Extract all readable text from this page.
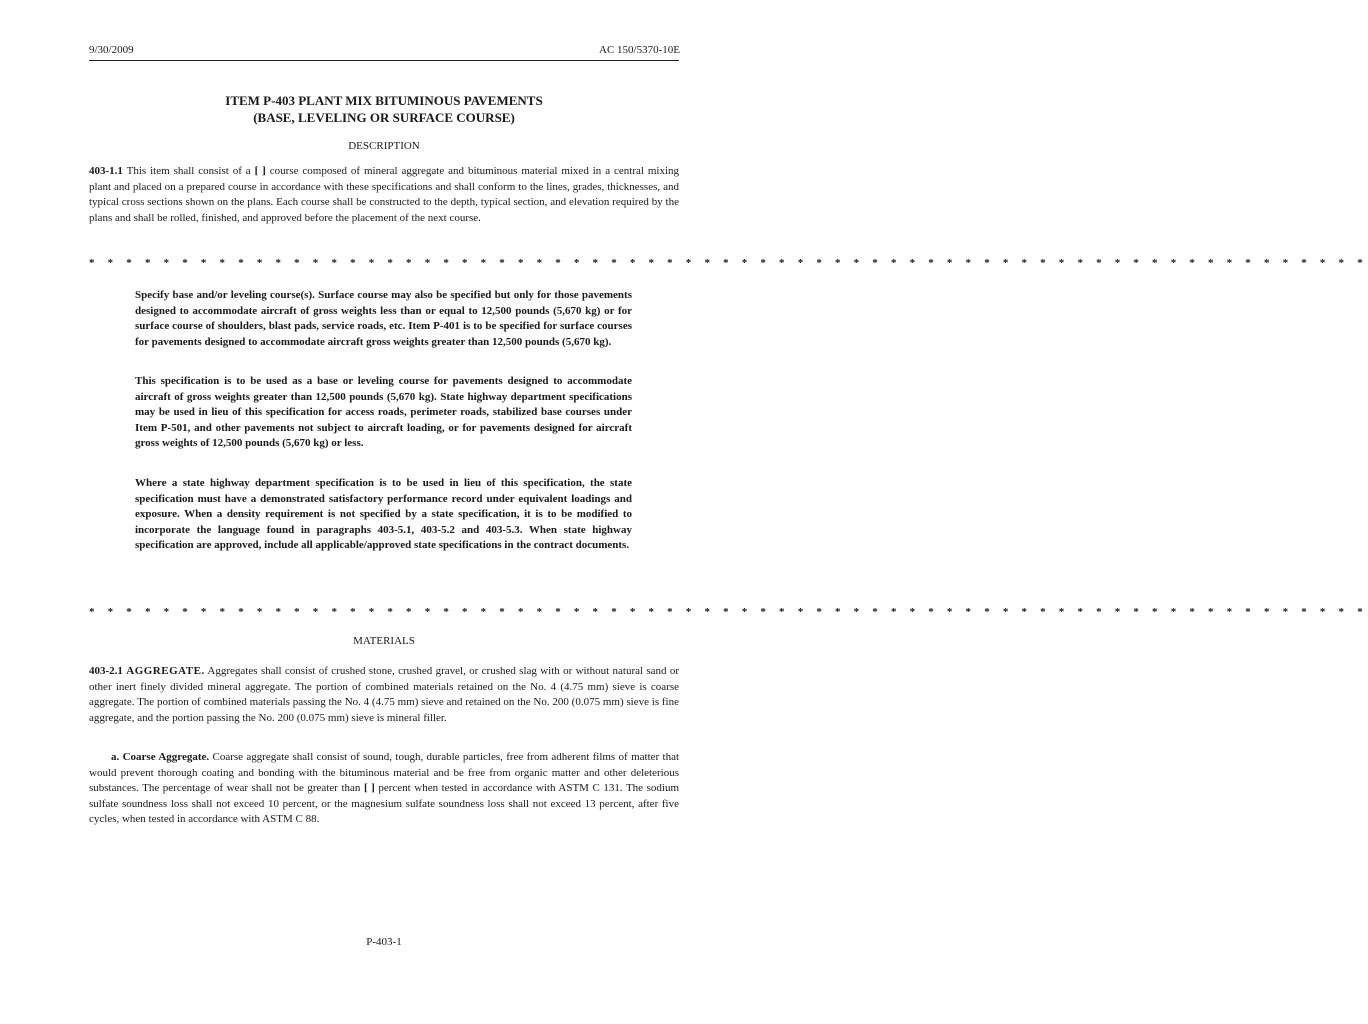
9/30/2009	AC 150/5370-10E
ITEM P-403 PLANT MIX BITUMINOUS PAVEMENTS
(BASE, LEVELING OR SURFACE COURSE)
DESCRIPTION
403-1.1 This item shall consist of a [ ] course composed of mineral aggregate and bituminous material mixed in a central mixing plant and placed on a prepared course in accordance with these specifications and shall conform to the lines, grades, thicknesses, and typical cross sections shown on the plans. Each course shall be constructed to the depth, typical section, and elevation required by the plans and shall be rolled, finished, and approved before the placement of the next course.
* * * * * * * * * * * * * * * * * * * * * * * * * * * * * * * * * * * * * * * * * * * * * * * * * * * * * * * * * * * * * * * * * * * * *
Specify base and/or leveling course(s). Surface course may also be specified but only for those pavements designed to accommodate aircraft of gross weights less than or equal to 12,500 pounds (5,670 kg) or for surface course of shoulders, blast pads, service roads, etc. Item P-401 is to be specified for surface courses for pavements designed to accommodate aircraft gross weights greater than 12,500 pounds (5,670 kg).
This specification is to be used as a base or leveling course for pavements designed to accommodate aircraft of gross weights greater than 12,500 pounds (5,670 kg). State highway department specifications may be used in lieu of this specification for access roads, perimeter roads, stabilized base courses under Item P-501, and other pavements not subject to aircraft loading, or for pavements designed for aircraft gross weights of 12,500 pounds (5,670 kg) or less.
Where a state highway department specification is to be used in lieu of this specification, the state specification must have a demonstrated satisfactory performance record under equivalent loadings and exposure. When a density requirement is not specified by a state specification, it is to be modified to incorporate the language found in paragraphs 403-5.1, 403-5.2 and 403-5.3. When state highway specification are approved, include all applicable/approved state specifications in the contract documents.
* * * * * * * * * * * * * * * * * * * * * * * * * * * * * * * * * * * * * * * * * * * * * * * * * * * * * * * * * * * * * * * * * * * * *
MATERIALS
403-2.1 AGGREGATE. Aggregates shall consist of crushed stone, crushed gravel, or crushed slag with or without natural sand or other inert finely divided mineral aggregate. The portion of combined materials retained on the No. 4 (4.75 mm) sieve is coarse aggregate. The portion of combined materials passing the No. 4 (4.75 mm) sieve and retained on the No. 200 (0.075 mm) sieve is fine aggregate, and the portion passing the No. 200 (0.075 mm) sieve is mineral filler.
a. Coarse Aggregate. Coarse aggregate shall consist of sound, tough, durable particles, free from adherent films of matter that would prevent thorough coating and bonding with the bituminous material and be free from organic matter and other deleterious substances. The percentage of wear shall not be greater than [ ] percent when tested in accordance with ASTM C 131. The sodium sulfate soundness loss shall not exceed 10 percent, or the magnesium sulfate soundness loss shall not exceed 13 percent, after five cycles, when tested in accordance with ASTM C 88.
P-403-1
